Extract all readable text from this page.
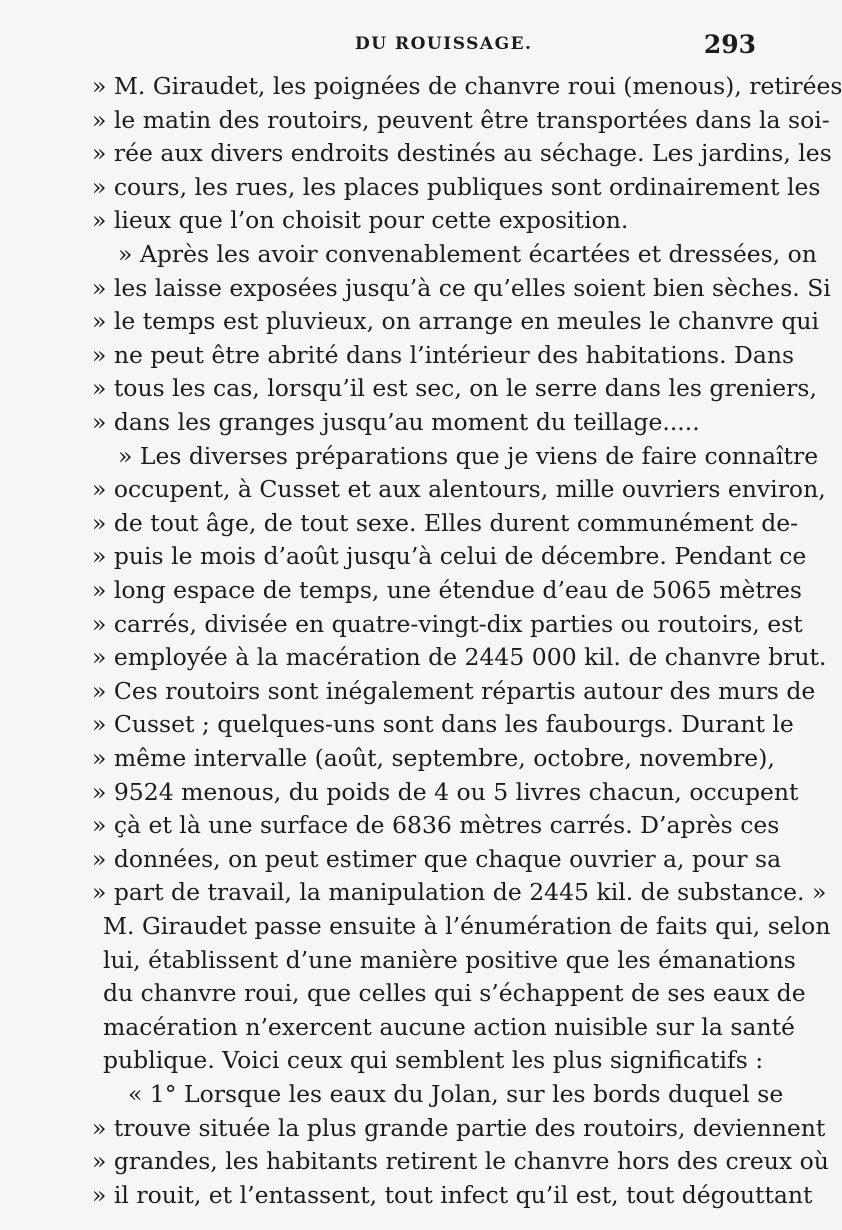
DU ROUISSAGE.	293
» M. Giraudet, les poignées de chanvre roui (menous), retirées
» le matin des routoirs, peuvent être transportées dans la soi-
» rée aux divers endroits destinés au séchage. Les jardins, les
» cours, les rues, les places publiques sont ordinairement les
» lieux que l’on choisit pour cette exposition.
» Après les avoir convenablement écartées et dressées, on
» les laisse exposées jusqu’à ce qu’elles soient bien sèches. Si
» le temps est pluvieux, on arrange en meules le chanvre qui
» ne peut être abrité dans l’intérieur des habitations. Dans
» tous les cas, lorsqu’il est sec, on le serre dans les greniers,
» dans les granges jusqu’au moment du teillage.....
» Les diverses préparations que je viens de faire connaître
» occupent, à Cusset et aux alentours, mille ouvriers environ,
» de tout âge, de tout sexe. Elles durent communément de-
» puis le mois d’août jusqu’à celui de décembre. Pendant ce
» long espace de temps, une étendue d’eau de 5065 mètres
» carrés, divisée en quatre-vingt-dix parties ou routoirs, est
» employée à la macération de 2445 000 kil. de chanvre brut.
» Ces routoirs sont inégalement répartis autour des murs de
» Cusset ; quelques-uns sont dans les faubourgs. Durant le
» même intervalle (août, septembre, octobre, novembre),
» 9524 menous, du poids de 4 ou 5 livres chacun, occupent
» çà et là une surface de 6836 mètres carrés. D’après ces
» données, on peut estimer que chaque ouvrier a, pour sa
» part de travail, la manipulation de 2445 kil. de substance. »
M. Giraudet passe ensuite à l’énumération de faits qui, selon
lui, établissent d’une manière positive que les émanations
du chanvre roui, que celles qui s’échappent de ses eaux de
macération n’exercent aucune action nuisible sur la santé
publique. Voici ceux qui semblent les plus significatifs :
« 1° Lorsque les eaux du Jolan, sur les bords duquel se
» trouve située la plus grande partie des routoirs, deviennent
» grandes, les habitants retirent le chanvre hors des creux où
» il rouit, et l’entassent, tout infect qu’il est, tout dégouttant
